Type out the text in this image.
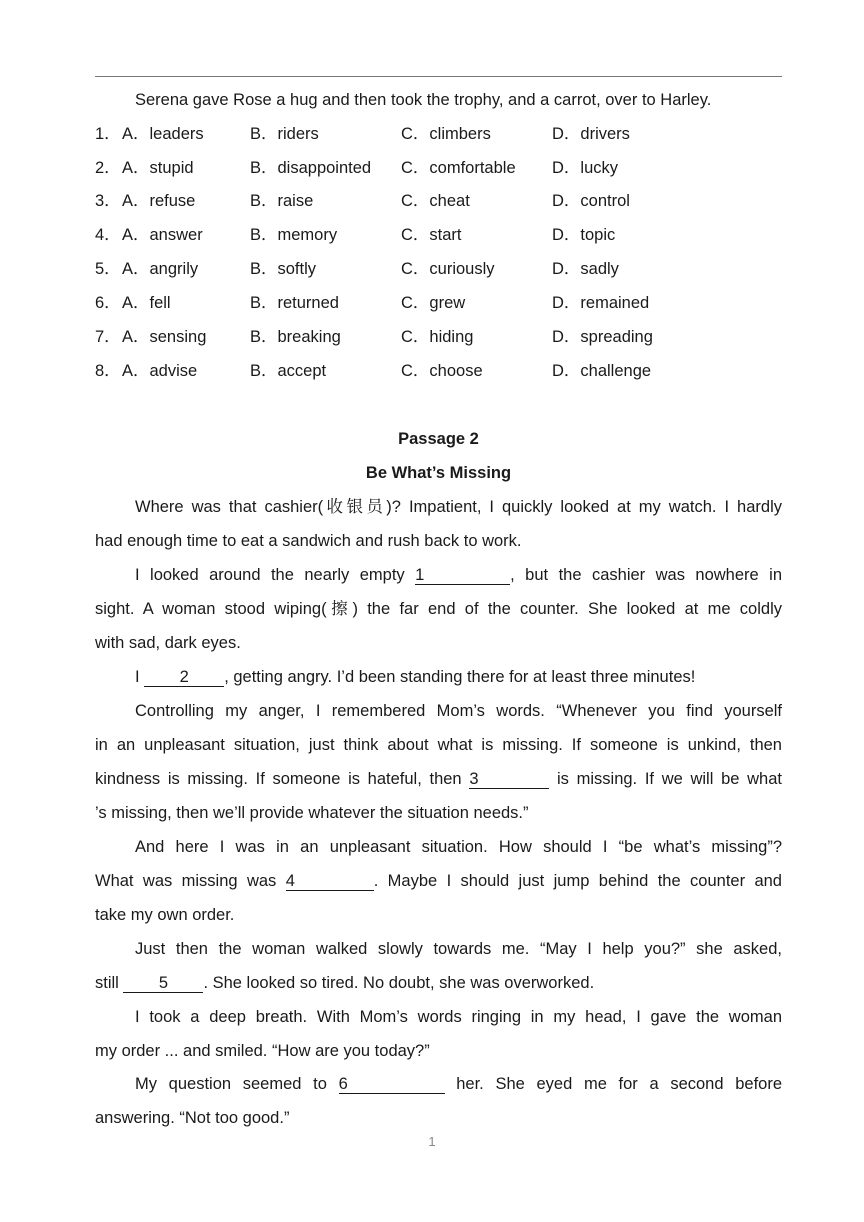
Serena gave Rose a hug and then took the trophy, and a carrot, over to Harley.
1． A．leaders	B．riders	C．climbers	D．drivers
2． A．stupid	B．disappointed C．comfortable D．lucky
3． A．refuse	B．raise	C．cheat	D．control
4． A．answer	B．memory	C．start	D．topic
5． A．angrily	B．softly	C．curiously	D．sadly
6． A．fell	B．returned	C．grew	D．remained
7． A．sensing	B．breaking	C．hiding	D．spreading
8． A．advise	B．accept	C．choose	D．challenge
Passage 2
Be What’s Missing
Where was that cashier(收银员)? Impatient, I quickly looked at my watch. I hardly
had enough time to eat a sandwich and rush back to work.
I looked around the nearly empty 1	, but the cashier was nowhere in
sight. A woman stood wiping(擦) the far end of the counter. She looked at me coldly
with sad, dark eyes.
I 2 , getting angry. I’d been standing there for at least three minutes!
Controlling my anger, I remembered Mom’s words. “Whenever you find yourself
in an unpleasant situation, just think about what is missing. If someone is unkind, then
kindness is missing. If someone is hateful, then 3	is missing. If we will be what
’s missing, then we’ll provide whatever the situation needs.”
And here I was in an unpleasant situation. How should I “be what’s missing”?
What was missing was 4	. Maybe I should just jump behind the counter and
take my own order.
Just then the woman walked slowly towards me. “May I help you?” she asked,
still 5 . She looked so tired. No doubt, she was overworked.
I took a deep breath. With Mom’s words ringing in my head, I gave the woman
my order ... and smiled. “How are you today?”
My question seemed to 6	her. She eyed me for a second before
answering. “Not too good.”
1
